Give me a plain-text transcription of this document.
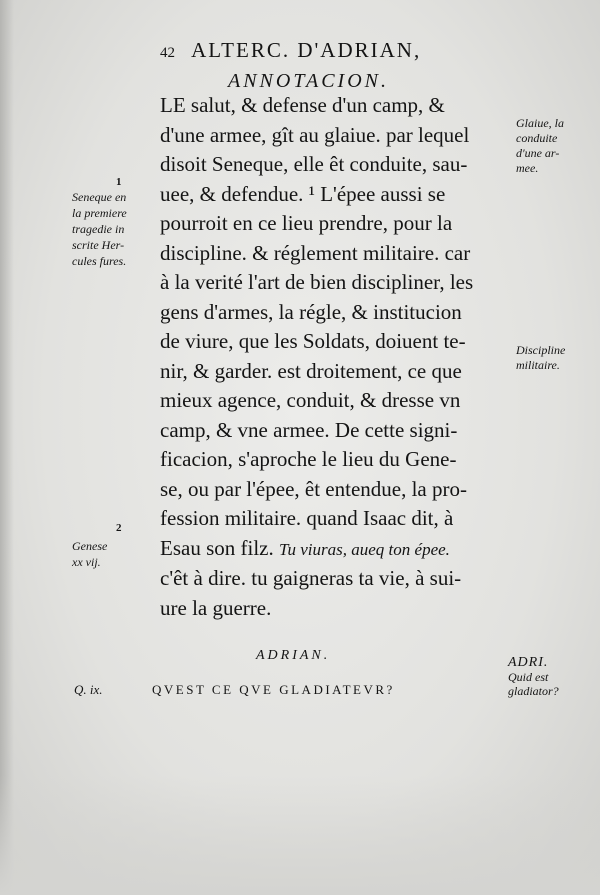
42 ALTERC. D'ADRIAN,
ANNOTACION.

LE salut, & defense d'un camp, &

d'une armee, gît au glaiue. par lequel

disoit Seneque, elle êt conduite, sau-

uee, & defendue. ¹ L'épee aussi se

pourroit en ce lieu prendre, pour la

discipline. & réglement militaire. car

à la verité l'art de bien discipliner, les

gens d'armes, la régle, & institucion

de viure, que les Soldats, doiuent te-

nir, & garder. est droitement, ce que

mieux agence, conduit, & dresse vn

camp, & vne armee. De cette signi-

ficacion, s'aproche le lieu du Gene-

se, ou par l'épee, êt entendue, la pro-

fession militaire. quand Isaac dit, à

Esau son filz. Tu viuras, aueq ton épee.

c'êt à dire. tu gaigneras ta vie, à sui-

ure la guerre.

1
Seneque en
la premiere
tragedie in
scrite Her-
cules fures.
2
Genese
xx vij.
Glaiue, la
conduite
d'une ar-
mee.
Discipline
militaire.
ADRIAN.
Q. ix.	QVEST CE QVE GLADIATEVR?
ADRI.
Quid est
gladiator?
